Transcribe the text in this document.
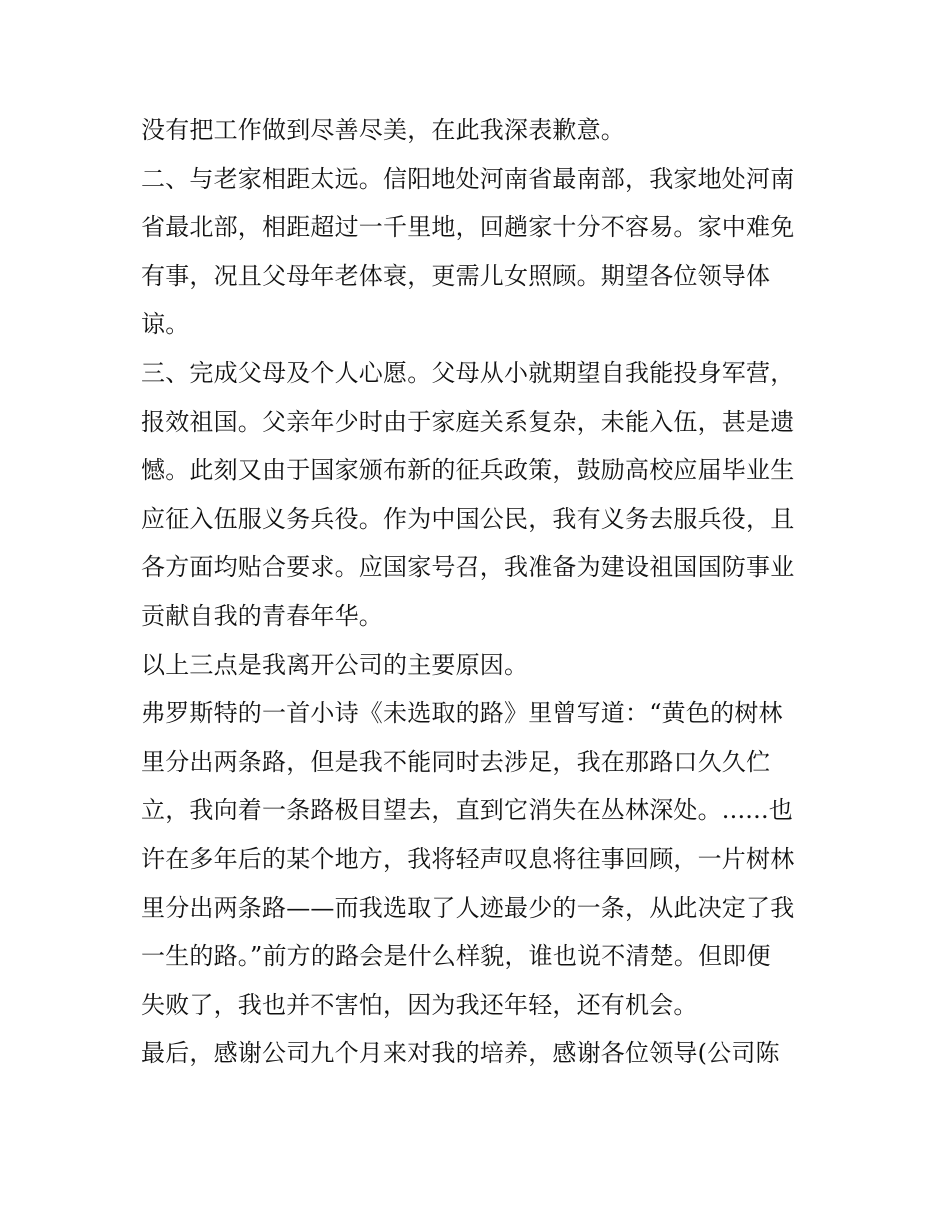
没有把工作做到尽善尽美，在此我深表歉意。
二、与老家相距太远。信阳地处河南省最南部，我家地处河南
省最北部，相距超过一千里地，回趟家十分不容易。家中难免
有事，况且父母年老体衰，更需儿女照顾。期望各位领导体
谅。
三、完成父母及个人心愿。父母从小就期望自我能投身军营，
报效祖国。父亲年少时由于家庭关系复杂，未能入伍，甚是遗
憾。此刻又由于国家颁布新的征兵政策，鼓励高校应届毕业生
应征入伍服义务兵役。作为中国公民，我有义务去服兵役，且
各方面均贴合要求。应国家号召，我准备为建设祖国国防事业
贡献自我的青春年华。
以上三点是我离开公司的主要原因。
弗罗斯特的一首小诗《未选取的路》里曾写道：“黄色的树林
里分出两条路，但是我不能同时去涉足，我在那路口久久伫
立，我向着一条路极目望去，直到它消失在丛林深处。......也
许在多年后的某个地方，我将轻声叹息将往事回顾，一片树林
里分出两条路——而我选取了人迹最少的一条，从此决定了我
一生的路。”前方的路会是什么样貌，谁也说不清楚。但即便
失败了，我也并不害怕，因为我还年轻，还有机会。
最后，感谢公司九个月来对我的培养，感谢各位领导(公司陈
